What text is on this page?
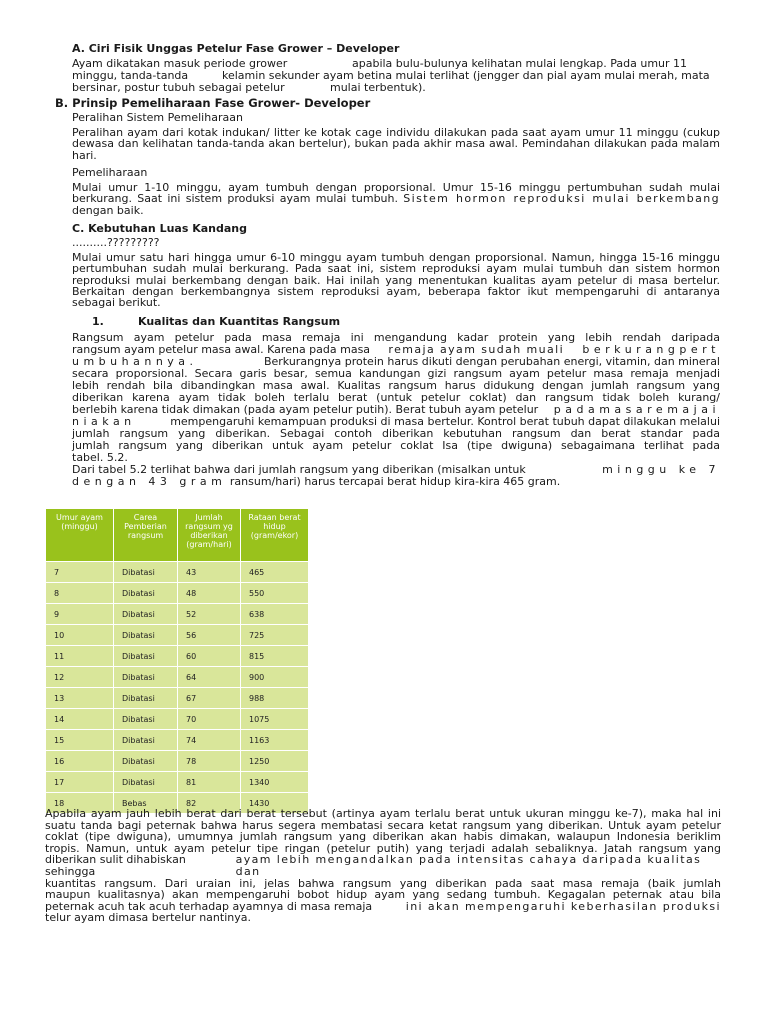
A. Ciri Fisik Unggas Petelur Fase Grower – Developer
Ayam dikatakan masuk periode grower	apabila bulu-bulunya kelihatan mulai lengkap. Pada umur 11
minggu, tanda-tanda	kelamin sekunder ayam betina mulai terlihat (jengger dan pial ayam mulai merah, mata
bersinar, postur tubuh sebagai petelur	mulai terbentuk).
B. Prinsip Pemeliharaan Fase Grower- Developer
Peralihan Sistem Pemeliharaan

Peralihan ayam dari kotak indukan/ litter ke kotak cage individu dilakukan pada saat ayam umur 11 minggu (cukup dewasa dan kelihatan tanda-tanda akan bertelur), bukan pada akhir masa awal. Pemindahan dilakukan pada malam hari.

Pemeliharaan

Mulai umur 1-10 minggu, ayam tumbuh dengan proporsional. Umur 15-16 minggu pertumbuhan sudah mulai berkurang. Saat ini sistem produksi ayam mulai tumbuh. Sistem hormon reproduksi mulai berkembang dengan baik.

C. Kebutuhan Luas Kandang
..........?????????

Mulai umur satu hari hingga umur 6-10 minggu ayam tumbuh dengan proporsional. Namun, hingga 15-16 minggu pertumbuhan sudah mulai berkurang. Pada saat ini, sistem reproduksi ayam mulai tumbuh dan sistem hormon reproduksi mulai berkembang dengan baik. Hai inilah yang menentukan kualitas ayam petelur di masa bertelur. Berkaitan dengan berkembangnya sistem reproduksi ayam, beberapa faktor ikut mempengaruhi di antaranya sebagai berikut.

1.	Kualitas dan Kuantitas Rangsum
Rangsum ayam petelur pada masa remaja ini mengandung kadar protein yang lebih rendah daripada
rangsum ayam petelur masa awal. Karena pada masa remaja ayam sudah muali berkurangpert
umbuhannya.	Berkurangnya protein harus dikuti dengan perubahan energi, vitamin, dan mineral
secara proporsional. Secara garis besar, semua kandungan gizi rangsum ayam petelur masa remaja menjadi
lebih rendah bila dibandingkan masa awal. Kualitas rangsum harus didukung dengan jumlah rangsum yang
diberikan karena ayam tidak boleh terlalu berat (untuk petelur coklat) dan rangsum tidak boleh kurang/
berlebih karena tidak dimakan (pada ayam petelur putih). Berat tubuh ayam petelur padamasaremajai
niakan	mempengaruhi kemampuan produksi di masa bertelur. Kontrol berat tubuh dapat dilakukan melalui
jumlah rangsum yang diberikan. Sebagai contoh diberikan kebutuhan rangsum dan berat standar pada
jumlah rangsum yang diberikan untuk ayam petelur coklat Isa (tipe dwiguna) sebagaimana terlihat pada
tabel. 5.2.
Dari tabel 5.2 terlihat bahwa dari jumlah rangsum yang diberikan (misalkan untuk	minggu ke 7
dengan 43 gram ransum/hari) harus tercapai berat hidup kira-kira 465 gram.
Umur ayam (minggu)	Carea Pemberian rangsum	Jumlah rangsum yg diberikan (gram/hari)	Rataan berat hidup (gram/ekor)
7	Dibatasi	43	465
8	Dibatasi	48	550
9	Dibatasi	52	638
10	Dibatasi	56	725
11	Dibatasi	60	815
12	Dibatasi	64	900
13	Dibatasi	67	988
14	Dibatasi	70	1075
15	Dibatasi	74	1163
16	Dibatasi	78	1250
17	Dibatasi	81	1340
18	Bebas	82	1430
Apabila ayam jauh lebih berat dari berat tersebut (artinya ayam terlalu berat untuk ukuran minggu ke-7), maka hal ini
suatu tanda bagi peternak bahwa harus segera membatasi secara ketat rangsum yang diberikan. Untuk ayam petelur
coklat (tipe dwiguna), umumnya jumlah rangsum yang diberikan akan habis dimakan, walaupun Indonesia beriklim
tropis. Namun, untuk ayam petelur tipe ringan (petelur putih) yang terjadi adalah sebaliknya. Jatah rangsum yang
diberikan sulit dihabiskan sehingga
ayam lebih mengandalkan pada intensitas cahaya daripada kualitas dan
kuantitas rangsum. Dari uraian ini, jelas bahwa rangsum yang diberikan pada saat masa remaja (baik jumlah
maupun kualitasnya) akan mempengaruhi bobot hidup ayam yang sedang tumbuh. Kegagalan peternak atau bila
peternak acuh tak acuh terhadap ayamnya di masa remaja	ini akan mempengaruhi keberhasilan produksi
telur ayam dimasa bertelur nantinya.
